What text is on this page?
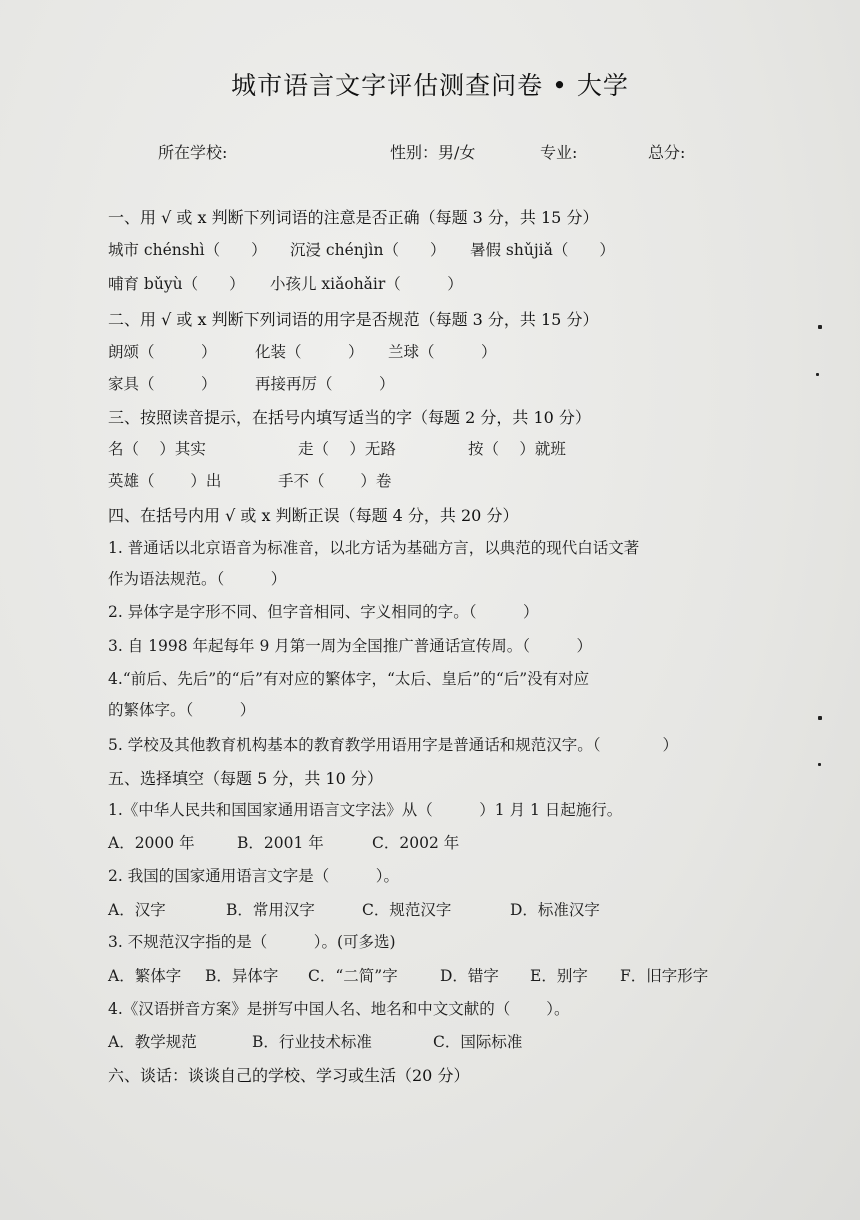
城市语言文字评估测查问卷 • 大学
所在学校:	性别：男/女	专业:	总分:
一、用 √ 或 x 判断下列词语的注意是否正确（每题 3 分，共 15 分）
城市 chénshì（　　） 沉浸 chénjìn（　　） 暑假 shǔjiǎ（　　）
哺育 bǔyù（　　） 小孩儿 xiǎohǎir（　　　）
二、用 √ 或 x 判断下列词语的用字是否规范（每题 3 分，共 15 分）
朗颂（　　　） 化装（　　　） 兰球（　　　）
家具（　　　） 再接再厉（　　　）
三、按照读音提示，在括号内填写适当的字（每题 2 分，共 10 分）
名（　 ）其实	走（　 ）无路	按（　 ）就班
英雄（　　 ）出	手不（　　 ）卷
四、在括号内用 √ 或 x 判断正误（每题 4 分，共 20 分）
1. 普通话以北京语音为标准音，以北方话为基础方言，以典范的现代白话文著
作为语法规范。（　　　）
2. 异体字是字形不同、但字音相同、字义相同的字。（　　　）
3. 自 1998 年起每年 9 月第一周为全国推广普通话宣传周。（　　　）
4.“前后、先后”的“后”有对应的繁体字，“太后、皇后”的“后”没有对应
的繁体字。（　　　）
5. 学校及其他教育机构基本的教育教学用语用字是普通话和规范汉字。（　　　　）
五、选择填空（每题 5 分，共 10 分）
1.《中华人民共和国国家通用语言文字法》从（　　　）1 月 1 日起施行。
A．2000 年	B．2001 年	C．2002 年
2. 我国的国家通用语言文字是（　　　）。
A．汉字	B．常用汉字	C．规范汉字	D．标准汉字
3. 不规范汉字指的是（　　　）。(可多选)
A．繁体字 B．异体字 C．“二简”字	D．错字 E．别字 F．旧字形字
4.《汉语拼音方案》是拼写中国人名、地名和中文文献的（　　 ）。
A．教学规范	B．行业技术标准	C．国际标准
六、谈话：谈谈自己的学校、学习或生活（20 分）
